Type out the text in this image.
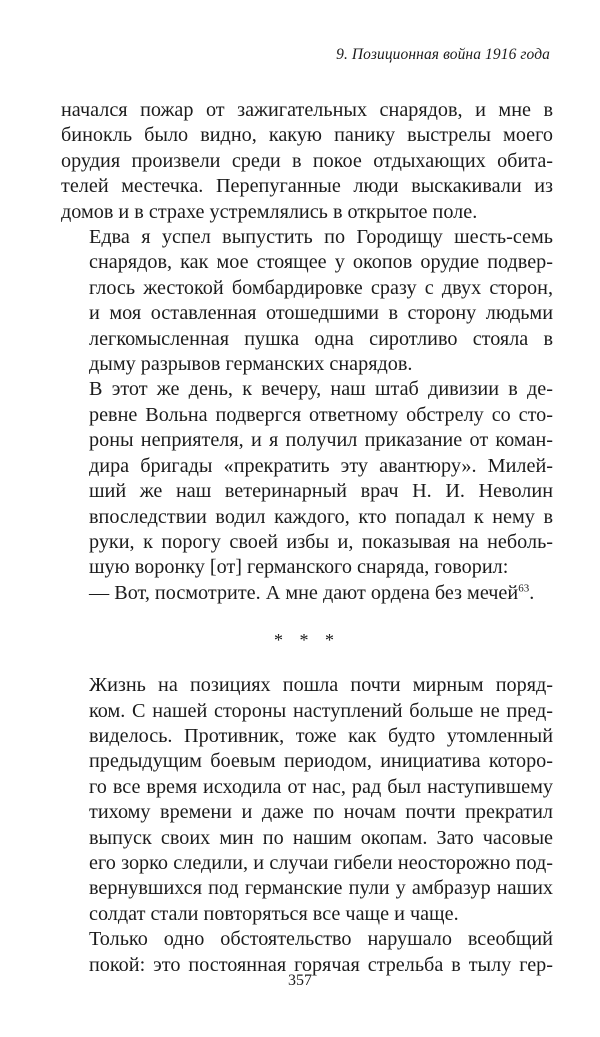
9. Позиционная война 1916 года

начался пожар от зажигательных снарядов, и мне в
бинокль было видно, какую панику выстрелы моего
орудия произвели среди в покое отдыхающих обита-
телей местечка. Перепуганные люди выскакивали из
домов и в страхе устремлялись в открытое поле.

Едва я успел выпустить по Городищу шесть-семь
снарядов, как мое стоящее у окопов орудие подвер-
глось жестокой бомбардировке сразу с двух сторон,
и моя оставленная отошедшими в сторону людьми
легкомысленная пушка одна сиротливо стояла в
дыму разрывов германских снарядов.

В этот же день, к вечеру, наш штаб дивизии в де-
ревне Вольна подвергся ответному обстрелу со сто-
роны неприятеля, и я получил приказание от коман-
дира бригады «прекратить эту авантюру». Милей-
ший же наш ветеринарный врач Н. И. Неволин
впоследствии водил каждого, кто попадал к нему в
руки, к порогу своей избы и, показывая на неболь-
шую воронку [от] германского снаряда, говорил:

— Вот, посмотрите. А мне дают ордена без мечей$^{63}$.

* * *

Жизнь на позициях пошла почти мирным поряд-
ком. С нашей стороны наступлений больше не пред-
виделось. Противник, тоже как будто утомленный
предыдущим боевым периодом, инициатива которо-
го все время исходила от нас, рад был наступившему
тихому времени и даже по ночам почти прекратил
выпуск своих мин по нашим окопам. Зато часовые
его зорко следили, и случаи гибели неосторожно под-
вернувшихся под германские пули у амбразур наших
солдат стали повторяться все чаще и чаще.

Только одно обстоятельство нарушало всеобщий
покой: это постоянная горячая стрельба в тылу гер-

357
